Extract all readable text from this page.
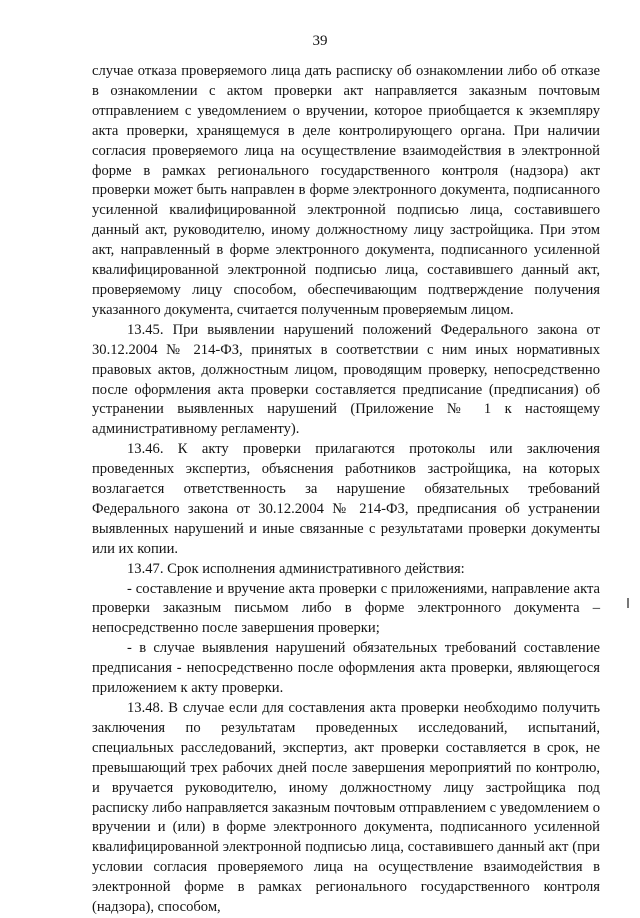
39

случае отказа проверяемого лица дать расписку об ознакомлении либо об отказе в ознакомлении с актом проверки акт направляется заказным почтовым отправлением с уведомлением о вручении, которое приобщается к экземпляру акта проверки, хранящемуся в деле контролирующего органа. При наличии согласия проверяемого лица на осуществление взаимодействия в электронной форме в рамках регионального государственного контроля (надзора) акт проверки может быть направлен в форме электронного документа, подписанного усиленной квалифицированной электронной подписью лица, составившего данный акт, руководителю, иному должностному лицу застройщика. При этом акт, направленный в форме электронного документа, подписанного усиленной квалифицированной электронной подписью лица, составившего данный акт, проверяемому лицу способом, обеспечивающим подтверждение получения указанного документа, считается полученным проверяемым лицом.

13.45. При выявлении нарушений положений Федерального закона от 30.12.2004 № 214-ФЗ, принятых в соответствии с ним иных нормативных правовых актов, должностным лицом, проводящим проверку, непосредственно после оформления акта проверки составляется предписание (предписания) об устранении выявленных нарушений (Приложение № 1 к настоящему административному регламенту).

13.46. К акту проверки прилагаются протоколы или заключения проведенных экспертиз, объяснения работников застройщика, на которых возлагается ответственность за нарушение обязательных требований Федерального закона от 30.12.2004 № 214-ФЗ, предписания об устранении выявленных нарушений и иные связанные с результатами проверки документы или их копии.

13.47. Срок исполнения административного действия:

- составление и вручение акта проверки с приложениями, направление акта проверки заказным письмом либо в форме электронного документа – непосредственно после завершения проверки;

- в случае выявления нарушений обязательных требований составление предписания - непосредственно после оформления акта проверки, являющегося приложением к акту проверки.

13.48. В случае если для составления акта проверки необходимо получить заключения по результатам проведенных исследований, испытаний, специальных расследований, экспертиз, акт проверки составляется в срок, не превышающий трех рабочих дней после завершения мероприятий по контролю, и вручается руководителю, иному должностному лицу застройщика под расписку либо направляется заказным почтовым отправлением с уведомлением о вручении и (или) в форме электронного документа, подписанного усиленной квалифицированной электронной подписью лица, составившего данный акт (при условии согласия проверяемого лица на осуществление взаимодействия в электронной форме в рамках регионального государственного контроля (надзора), способом,
